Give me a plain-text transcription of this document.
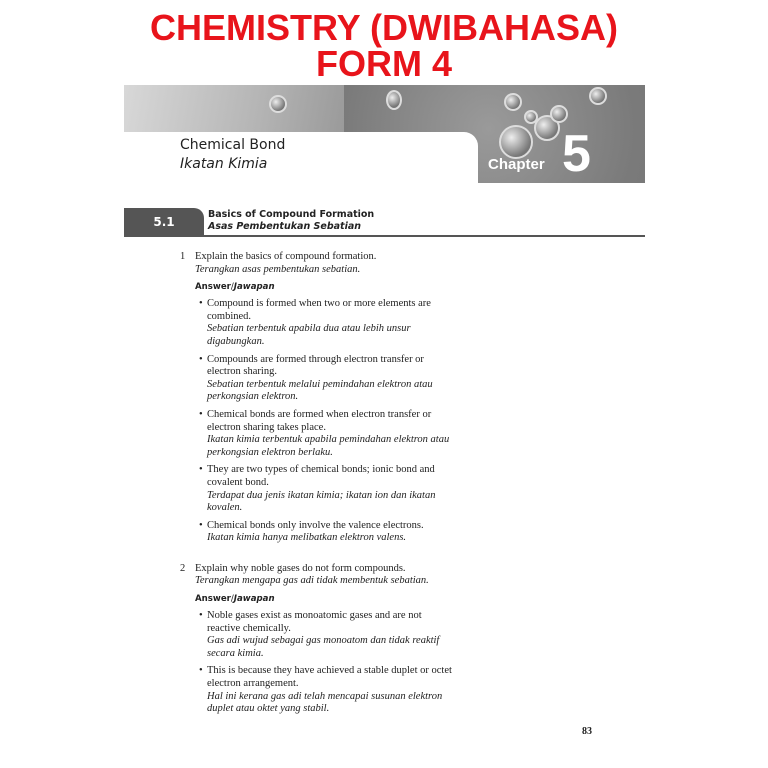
CHEMISTRY (DWIBAHASA)
FORM 4
Chemical Bond
Ikatan Kimia	Chapter 5
5.1
Basics of Compound Formation
Asas Pembentukan Sebatian
1 Explain the basics of compound formation.
Terangkan asas pembentukan sebatian.
Answer/Jawapan
• Compound is formed when two or more elements are combined.
Sebatian terbentuk apabila dua atau lebih unsur digabungkan.
• Compounds are formed through electron transfer or electron sharing.
Sebatian terbentuk melalui pemindahan elektron atau perkongsian elektron.
• Chemical bonds are formed when electron transfer or electron sharing takes place.
Ikatan kimia terbentuk apabila pemindahan elektron atau perkongsian elektron berlaku.
• They are two types of chemical bonds; ionic bond and covalent bond.
Terdapat dua jenis ikatan kimia; ikatan ion dan ikatan kovalen.
• Chemical bonds only involve the valence electrons.
Ikatan kimia hanya melibatkan elektron valens.
2 Explain why noble gases do not form compounds.
Terangkan mengapa gas adi tidak membentuk sebatian.
Answer/Jawapan
• Noble gases exist as monoatomic gases and are not reactive chemically.
Gas adi wujud sebagai gas monoatom dan tidak reaktif secara kimia.
• This is because they have achieved a stable duplet or octet electron arrangement.
Hal ini kerana gas adi telah mencapai susunan elektron duplet atau oktet yang stabil.
83
